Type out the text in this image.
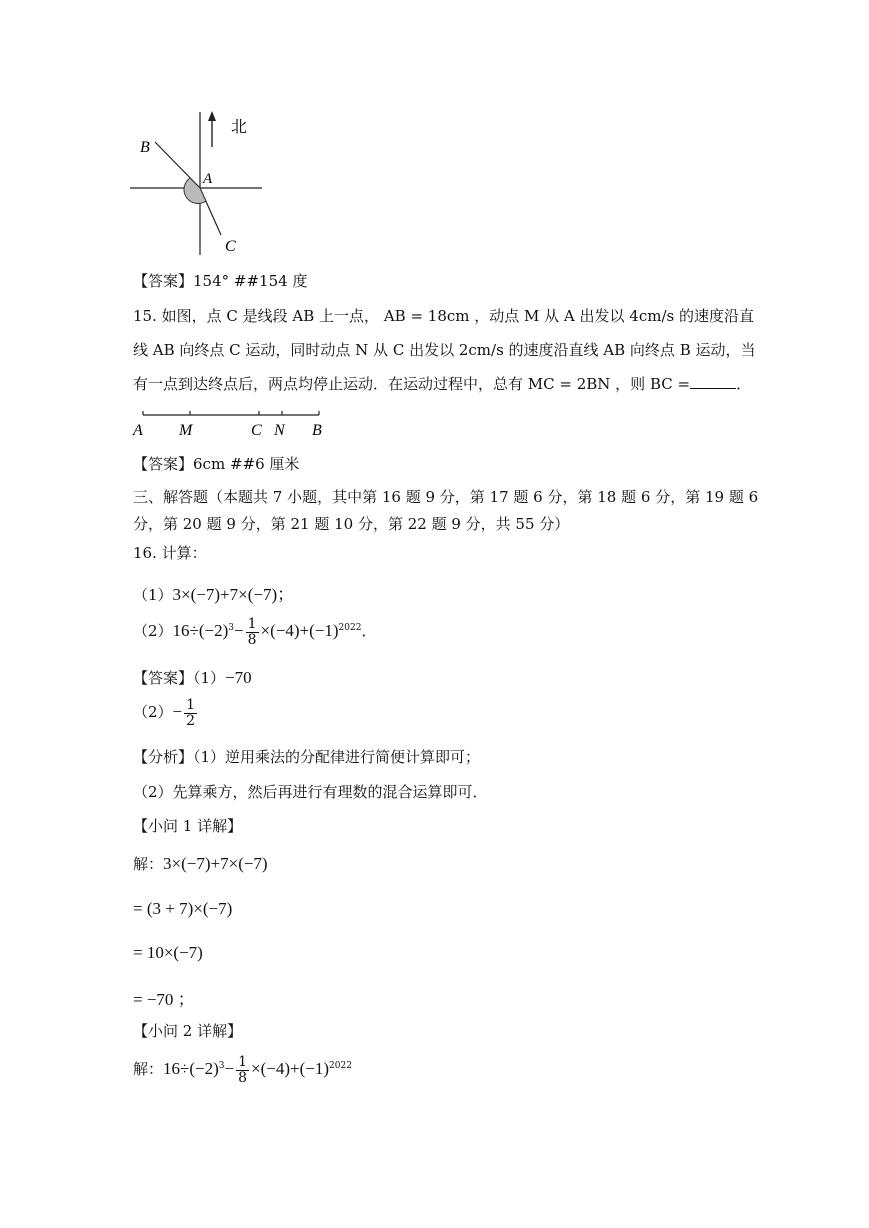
北
B
A
C
【答案】154° ##154 度
15. 如图，点 C 是线段 AB 上一点， AB = 18cm ，动点 M 从 A 出发以 4cm/s 的速度沿直
线 AB 向终点 C 运动，同时动点 N 从 C 出发以 2cm/s 的速度沿直线 AB 向终点 B 运动，当
有一点到达终点后，两点均停止运动．在运动过程中，总有 MC = 2BN ，则 BC =	．
A M	C N B
【答案】6cm ##6 厘米
三、解答题（本题共 7 小题，其中第 16 题 9 分，第 17 题 6 分，第 18 题 6 分，第 19 题 6
分，第 20 题 9 分，第 21 题 10 分，第 22 题 9 分，共 55 分）
16. 计算：
（1）3×(−7)+7×(−7)；
$(2)16\div(-2)^3- \frac{1}{8} \times(-4)+(-1)^{2022}$．
【答案】（1）−70
$(2)- \frac{1}{2}$
【分析】（1）逆用乘法的分配律进行简便计算即可；
（2）先算乘方，然后再进行有理数的混合运算即可．
【小问 1 详解】
解：3×(−7)+7×(−7)
= (3 + 7)×(−7)
= 10×(−7)
= −70 ；
【小问 2 详解】
解：$16\div(-2)^3- \frac{1}{8} \times(-4)+(-1)^{2022}$
